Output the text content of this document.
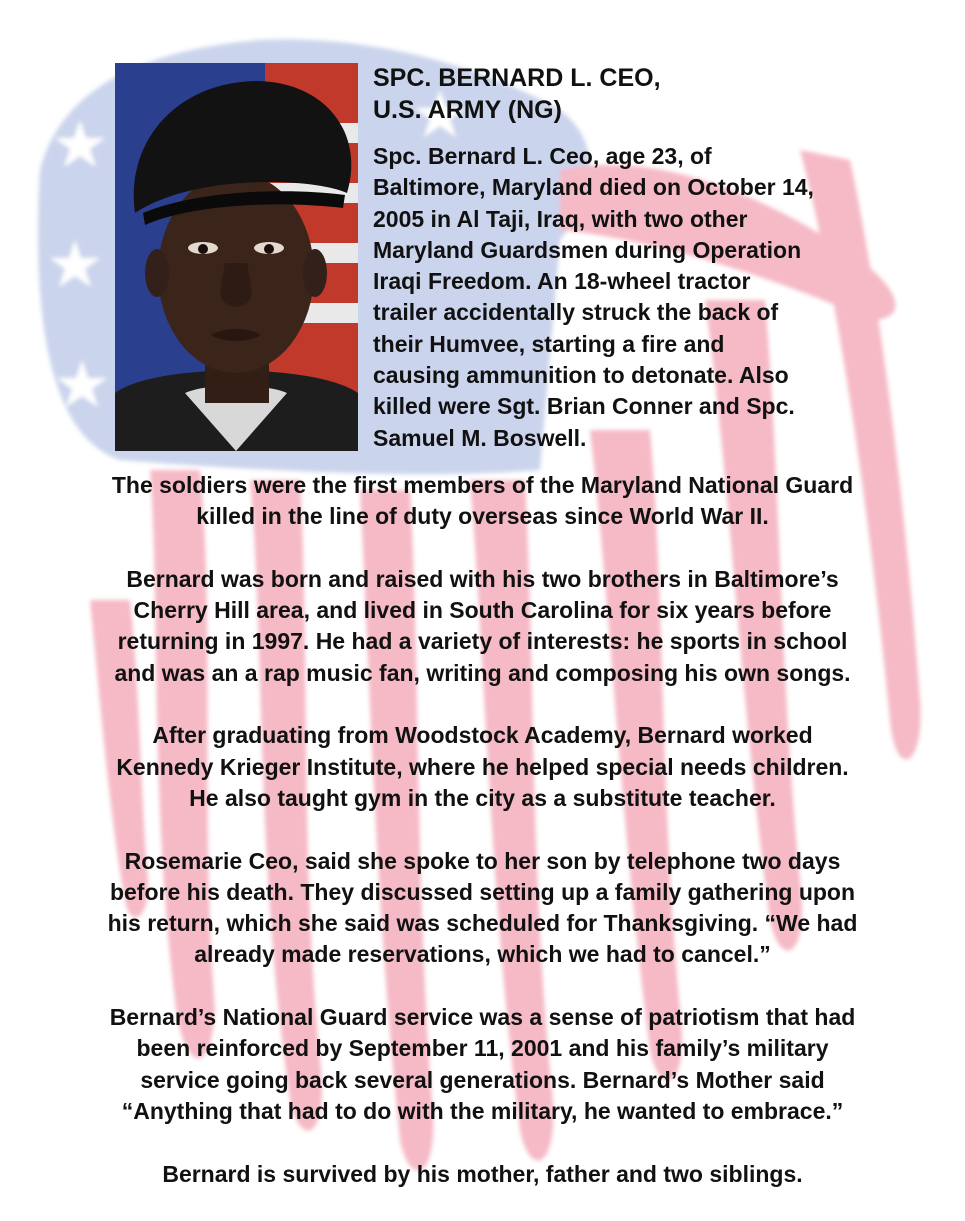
SPC. BERNARD L. CEO,

U.S. ARMY (NG)

Spc. Bernard L. Ceo, age 23, of
Baltimore, Maryland died on October 14,
2005 in Al Taji, Iraq, with two other
Maryland Guardsmen during Operation
Iraqi Freedom. An 18-wheel tractor
trailer accidentally struck the back of
their Humvee, starting a fire and
causing ammunition to detonate. Also
killed were Sgt. Brian Conner and Spc.
Samuel M. Boswell.
The soldiers were the first members of the Maryland National Guard
killed in the line of duty overseas since World War II.
Bernard was born and raised with his two brothers in Baltimore’s
Cherry Hill area, and lived in South Carolina for six years before
returning in 1997. He had a variety of interests: he sports in school
and was an a rap music fan, writing and composing his own songs.
After graduating from Woodstock Academy, Bernard worked
Kennedy Krieger Institute, where he helped special needs children.
He also taught gym in the city as a substitute teacher.
Rosemarie Ceo, said she spoke to her son by telephone two days
before his death. They discussed setting up a family gathering upon
his return, which she said was scheduled for Thanksgiving. “We had
already made reservations, which we had to cancel.”
Bernard’s National Guard service was a sense of patriotism that had
been reinforced by September 11, 2001 and his family’s military
service going back several generations. Bernard’s Mother said
“Anything that had to do with the military, he wanted to embrace.”
Bernard is survived by his mother, father and two siblings.
